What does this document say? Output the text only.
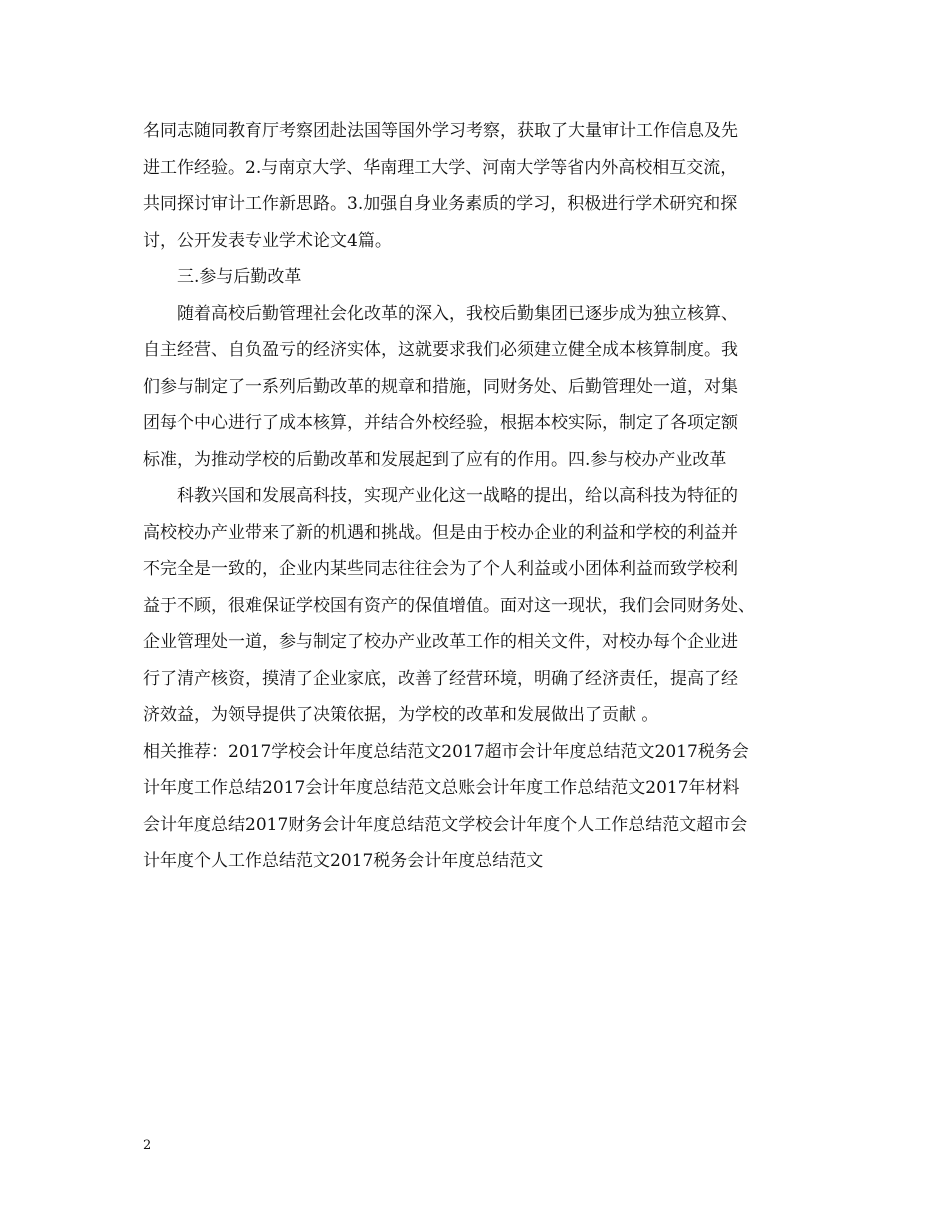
名同志随同教育厅考察团赴法国等国外学习考察，获取了大量审计工作信息及先
进工作经验。2.与南京大学、华南理工大学、河南大学等省内外高校相互交流，
共同探讨审计工作新思路。3.加强自身业务素质的学习，积极进行学术研究和探
讨，公开发表专业学术论文4篇。
三.参与后勤改革
随着高校后勤管理社会化改革的深入，我校后勤集团已逐步成为独立核算、
自主经营、自负盈亏的经济实体，这就要求我们必须建立健全成本核算制度。我
们参与制定了一系列后勤改革的规章和措施，同财务处、后勤管理处一道，对集
团每个中心进行了成本核算，并结合外校经验，根据本校实际，制定了各项定额
标准，为推动学校的后勤改革和发展起到了应有的作用。四.参与校办产业改革
科教兴国和发展高科技，实现产业化这一战略的提出，给以高科技为特征的
高校校办产业带来了新的机遇和挑战。但是由于校办企业的利益和学校的利益并
不完全是一致的，企业内某些同志往往会为了个人利益或小团体利益而致学校利
益于不顾，很难保证学校国有资产的保值增值。面对这一现状，我们会同财务处、
企业管理处一道，参与制定了校办产业改革工作的相关文件，对校办每个企业进
行了清产核资，摸清了企业家底，改善了经营环境，明确了经济责任，提高了经
济效益，为领导提供了决策依据，为学校的改革和发展做出了贡献 。
相关推荐：2017学校会计年度总结范文2017超市会计年度总结范文2017税务会
计年度工作总结2017会计年度总结范文总账会计年度工作总结范文2017年材料
会计年度总结2017财务会计年度总结范文学校会计年度个人工作总结范文超市会
计年度个人工作总结范文2017税务会计年度总结范文
2
